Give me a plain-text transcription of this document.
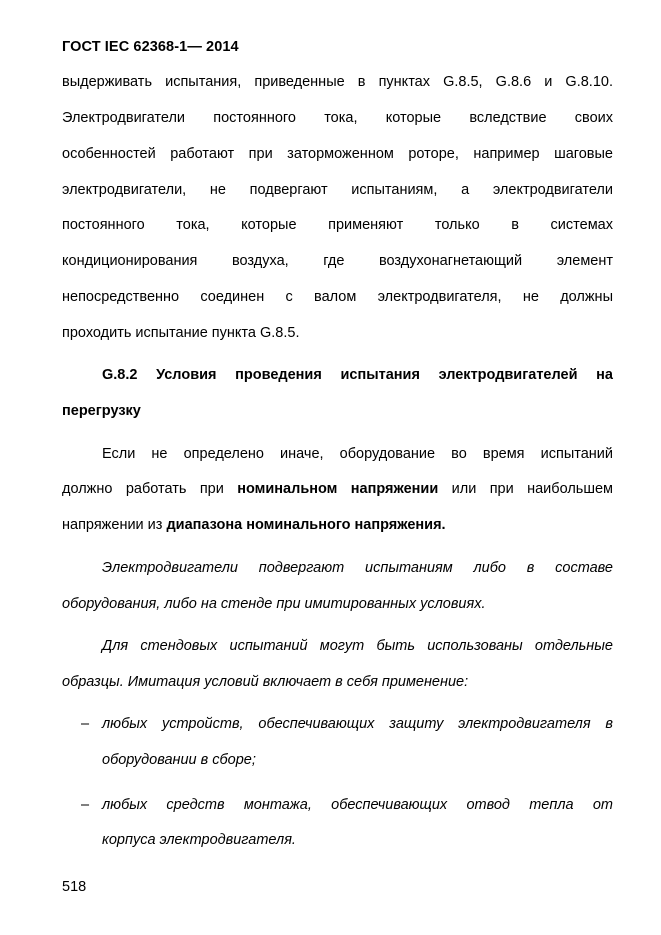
ГОСТ IEC 62368-1— 2014
выдерживать испытания, приведенные в пунктах G.8.5, G.8.6 и G.8.10.
Электродвигатели постоянного тока, которые вследствие своих
особенностей работают при заторможенном роторе, например шаговые
электродвигатели, не подвергают испытаниям, а электродвигатели
постоянного тока, которые применяют только в системах
кондиционирования воздуха, где воздухонагнетающий элемент
непосредственно соединен с валом электродвигателя, не должны
проходить испытание пункта G.8.5.
G.8.2 Условия проведения испытания электродвигателей на
перегрузку
Если не определено иначе, оборудование во время испытаний
должно работать при номинальном напряжении или при наибольшем
напряжении из диапазона номинального напряжения.
Электродвигатели подвергают испытаниям либо в составе
оборудования, либо на стенде при имитированных условиях.
Для стендовых испытаний могут быть использованы отдельные
образцы. Имитация условий включает в себя применение:
– любых устройств, обеспечивающих защиту электродвигателя в
оборудовании в сборе;
– любых средств монтажа, обеспечивающих отвод тепла от
корпуса электродвигателя.
518
